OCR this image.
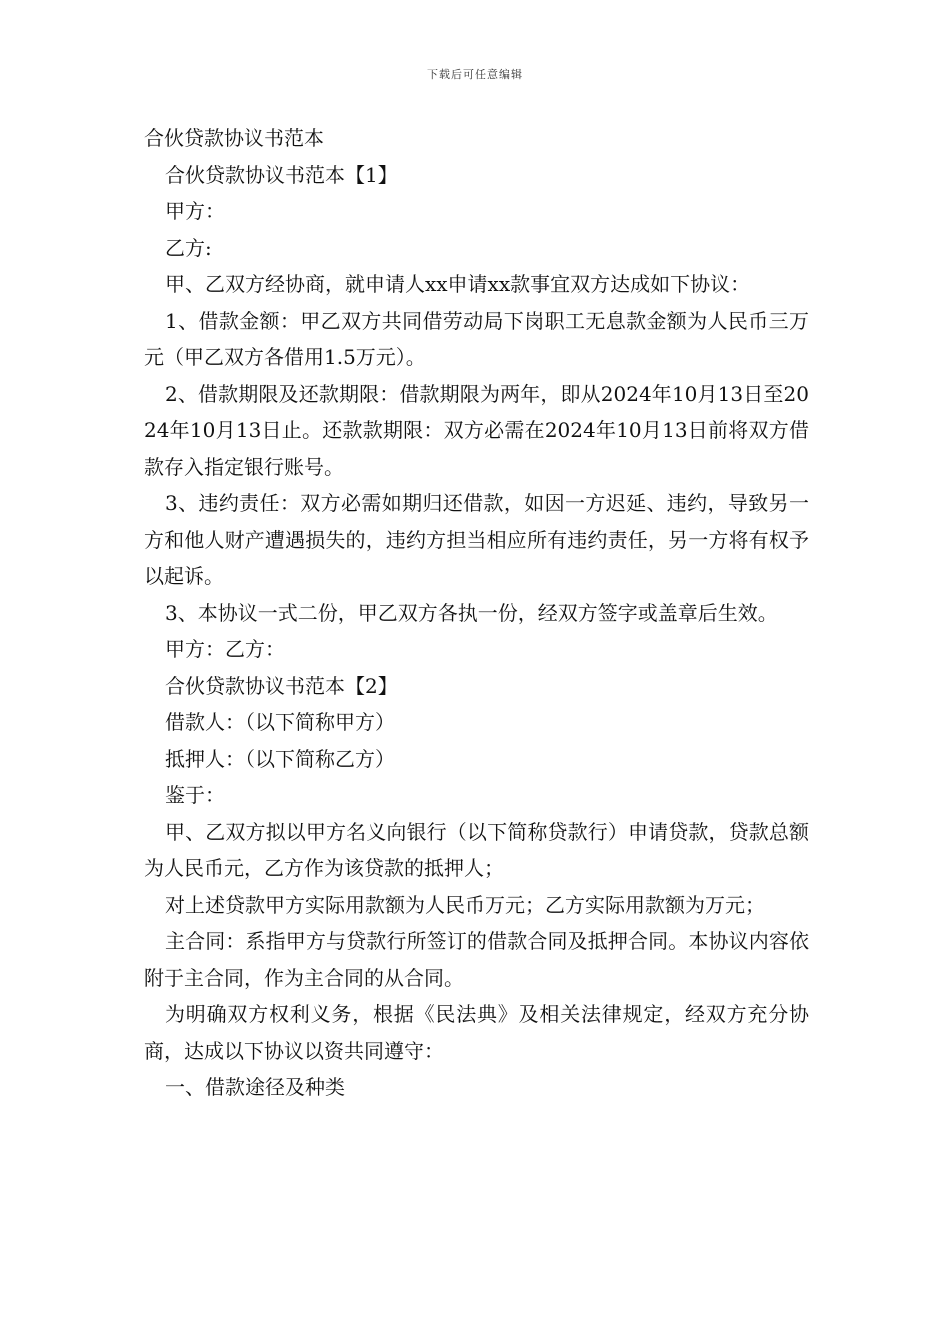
下载后可任意编辑

合伙贷款协议书范本

合伙贷款协议书范本【1】

甲方：

乙方:

甲、乙双方经协商，就申请人xx申请xx款事宜双方达成如下协议：

1、借款金额：甲乙双方共同借劳动局下岗职工无息款金额为人民币三万元（甲乙双方各借用1.5万元）。

2、借款期限及还款期限：借款期限为两年，即从2024年10月13日至2024年10月13日止。还款款期限：双方必需在2024年10月13日前将双方借款存入指定银行账号。

3、违约责任：双方必需如期归还借款，如因一方迟延、违约，导致另一方和他人财产遭遇损失的，违约方担当相应所有违约责任，另一方将有权予以起诉。

3、本协议一式二份，甲乙双方各执一份，经双方签字或盖章后生效。

甲方：乙方：

合伙贷款协议书范本【2】

借款人：（以下简称甲方）

抵押人：（以下简称乙方）

鉴于：

甲、乙双方拟以甲方名义向银行（以下简称贷款行）申请贷款，贷款总额为人民币元，乙方作为该贷款的抵押人；

对上述贷款甲方实际用款额为人民币万元；乙方实际用款额为万元；

主合同：系指甲方与贷款行所签订的借款合同及抵押合同。本协议内容依附于主合同，作为主合同的从合同。

为明确双方权利义务，根据《民法典》及相关法律规定，经双方充分协商，达成以下协议以资共同遵守：

一、借款途径及种类
